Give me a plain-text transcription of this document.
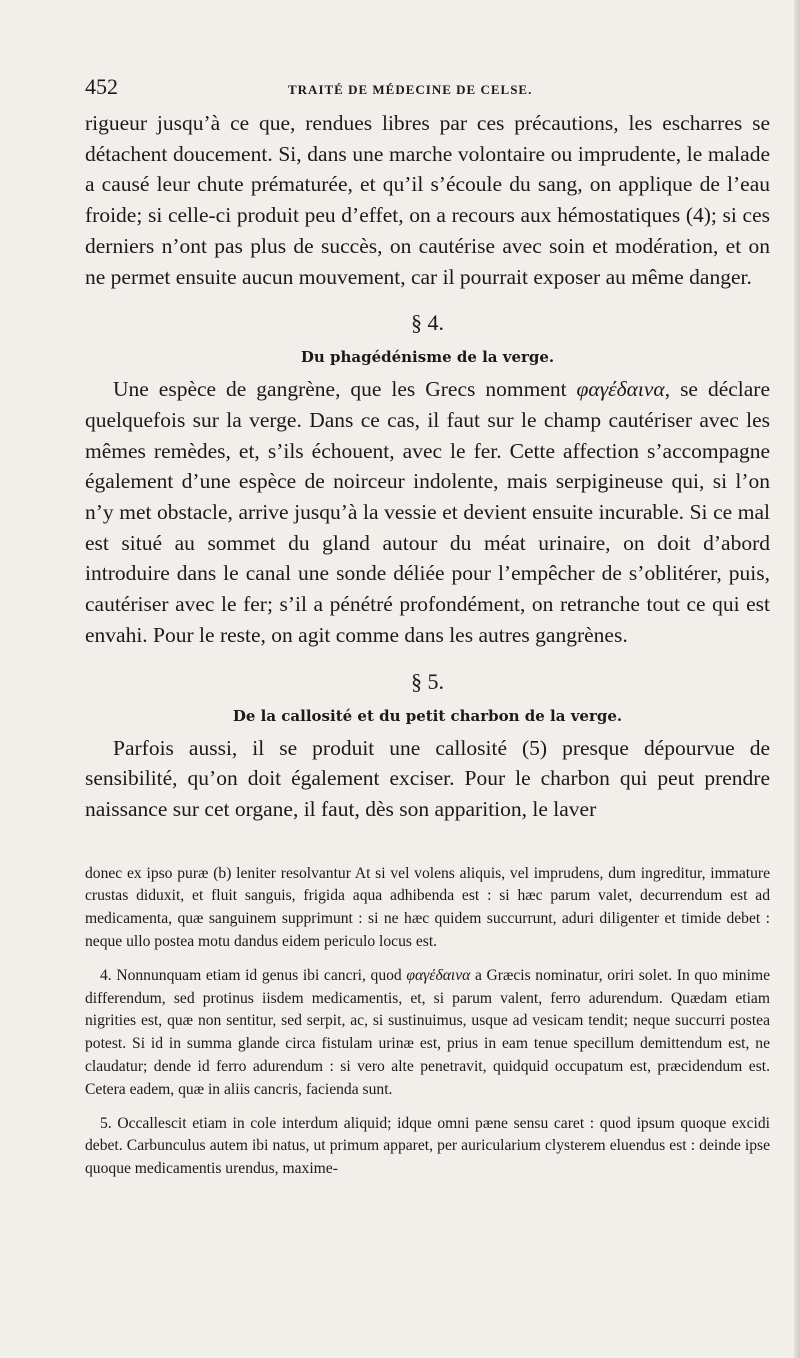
452	TRAITÉ DE MÉDECINE DE CELSE.

rigueur jusqu’à ce que, rendues libres par ces précautions, les escharres se détachent doucement. Si, dans une marche volontaire ou imprudente, le malade a causé leur chute prématurée, et qu’il s’écoule du sang, on applique de l’eau froide; si celle-ci produit peu d’effet, on a recours aux hémostatiques (4); si ces derniers n’ont pas plus de succès, on cautérise avec soin et modération, et on ne permet ensuite aucun mouvement, car il pourrait exposer au même danger.

§ 4.
Du phagédénisme de la verge.

Une espèce de gangrène, que les Grecs nomment φαγέδαινα, se déclare quelquefois sur la verge. Dans ce cas, il faut sur le champ cautériser avec les mêmes remèdes, et, s’ils échouent, avec le fer. Cette affection s’accompagne également d’une espèce de noirceur indolente, mais serpigineuse qui, si l’on n’y met obstacle, arrive jusqu’à la vessie et devient ensuite incurable. Si ce mal est situé au sommet du gland autour du méat urinaire, on doit d’abord introduire dans le canal une sonde déliée pour l’empêcher de s’oblitérer, puis, cautériser avec le fer; s’il a pénétré profondément, on retranche tout ce qui est envahi. Pour le reste, on agit comme dans les autres gangrènes.

§ 5.
De la callosité et du petit charbon de la verge.

Parfois aussi, il se produit une callosité (5) presque dépourvue de sensibilité, qu’on doit également exciser. Pour le charbon qui peut prendre naissance sur cet organe, il faut, dès son apparition, le laver

donec ex ipso puræ (b) leniter resolvantur At si vel volens aliquis, vel imprudens, dum ingreditur, immature crustas diduxit, et fluit sanguis, frigida aqua adhibenda est : si hæc parum valet, decurrendum est ad medicamenta, quæ sanguinem supprimunt : si ne hæc quidem succurrunt, aduri diligenter et timide debet : neque ullo postea motu dandus eidem periculo locus est.

4. Nonnunquam etiam id genus ibi cancri, quod φαγέδαινα a Græcis nominatur, oriri solet. In quo minime differendum, sed protinus iisdem medicamentis, et, si parum valent, ferro adurendum. Quædam etiam nigrities est, quæ non sentitur, sed serpit, ac, si sustinuimus, usque ad vesicam tendit; neque succurri postea potest. Si id in summa glande circa fistulam urinæ est, prius in eam tenue specillum demittendum est, ne claudatur; dende id ferro adurendum : si vero alte penetravit, quidquid occupatum est, præcidendum est. Cetera eadem, quæ in aliis cancris, facienda sunt.

5. Occallescit etiam in cole interdum aliquid; idque omni pæne sensu caret : quod ipsum quoque excidi debet. Carbunculus autem ibi natus, ut primum apparet, per auricularium clysterem eluendus est : deinde ipse quoque medicamentis urendus, maxime-
